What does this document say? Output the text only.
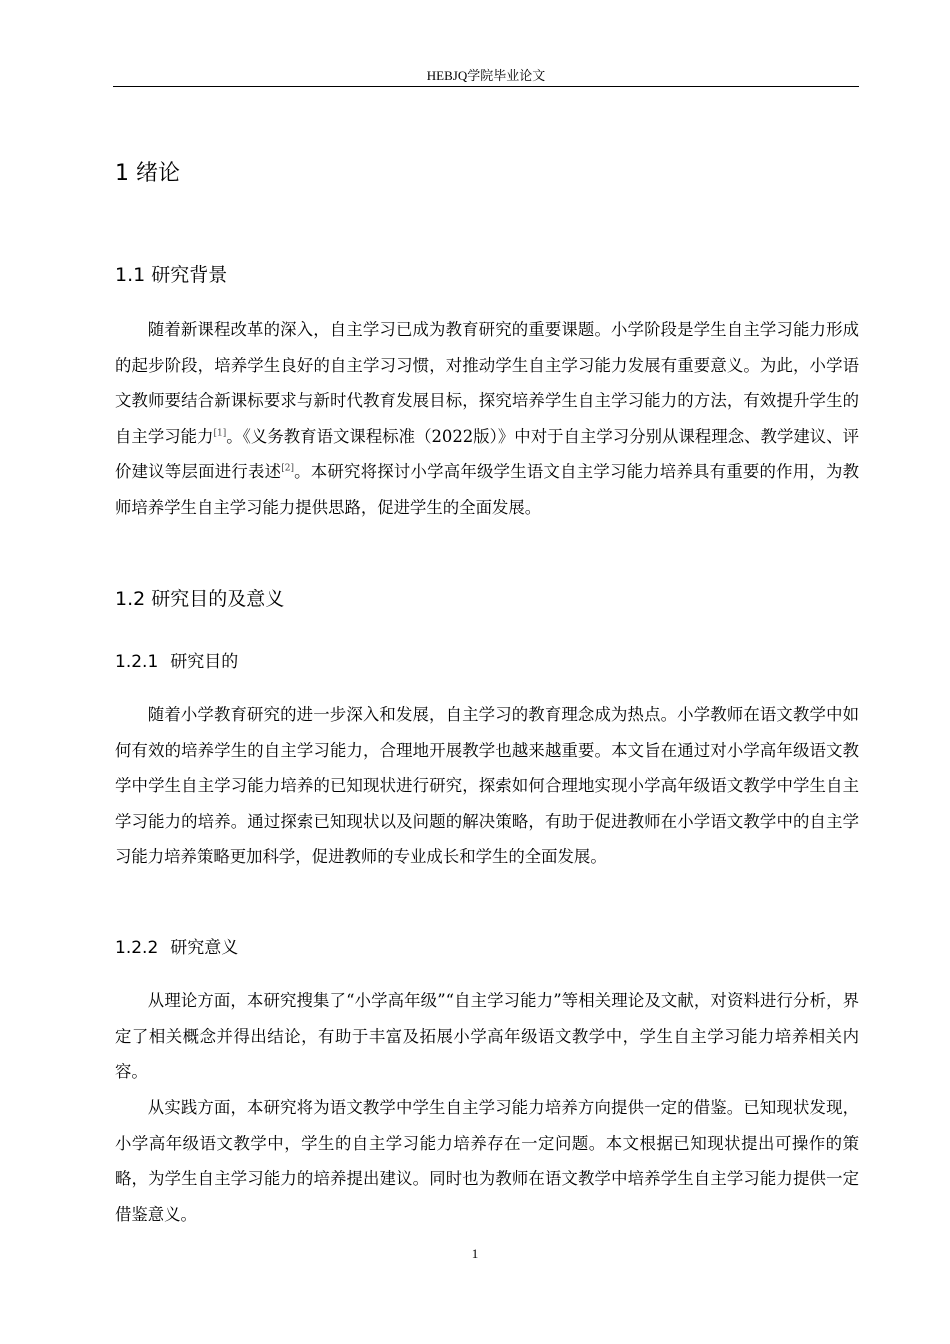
HEBJQ学院毕业论文
1 绪论
1.1 研究背景

随着新课程改革的深入，自主学习已成为教育研究的重要课题。小学阶段是学生自主学习能力形成的起步阶段，培养学生良好的自主学习习惯，对推动学生自主学习能力发展有重要意义。为此，小学语文教师要结合新课标要求与新时代教育发展目标，探究培养学生自主学习能力的方法，有效提升学生的自主学习能力[1]。《义务教育语文课程标准（2022版）》中对于自主学习分别从课程理念、教学建议、评价建议等层面进行表述[2]。本研究将探讨小学高年级学生语文自主学习能力培养具有重要的作用，为教师培养学生自主学习能力提供思路，促进学生的全面发展。

1.2 研究目的及意义
1.2.1 研究目的

随着小学教育研究的进一步深入和发展，自主学习的教育理念成为热点。小学教师在语文教学中如何有效的培养学生的自主学习能力，合理地开展教学也越来越重要。本文旨在通过对小学高年级语文教学中学生自主学习能力培养的已知现状进行研究，探索如何合理地实现小学高年级语文教学中学生自主学习能力的培养。通过探索已知现状以及问题的解决策略，有助于促进教师在小学语文教学中的自主学习能力培养策略更加科学，促进教师的专业成长和学生的全面发展。

1.2.2 研究意义

从理论方面，本研究搜集了“小学高年级”“自主学习能力”等相关理论及文献，对资料进行分析，界定了相关概念并得出结论，有助于丰富及拓展小学高年级语文教学中，学生自主学习能力培养相关内容。

从实践方面，本研究将为语文教学中学生自主学习能力培养方向提供一定的借鉴。已知现状发现，小学高年级语文教学中，学生的自主学习能力培养存在一定问题。本文根据已知现状提出可操作的策略，为学生自主学习能力的培养提出建议。同时也为教师在语文教学中培养学生自主学习能力提供一定借鉴意义。

1
